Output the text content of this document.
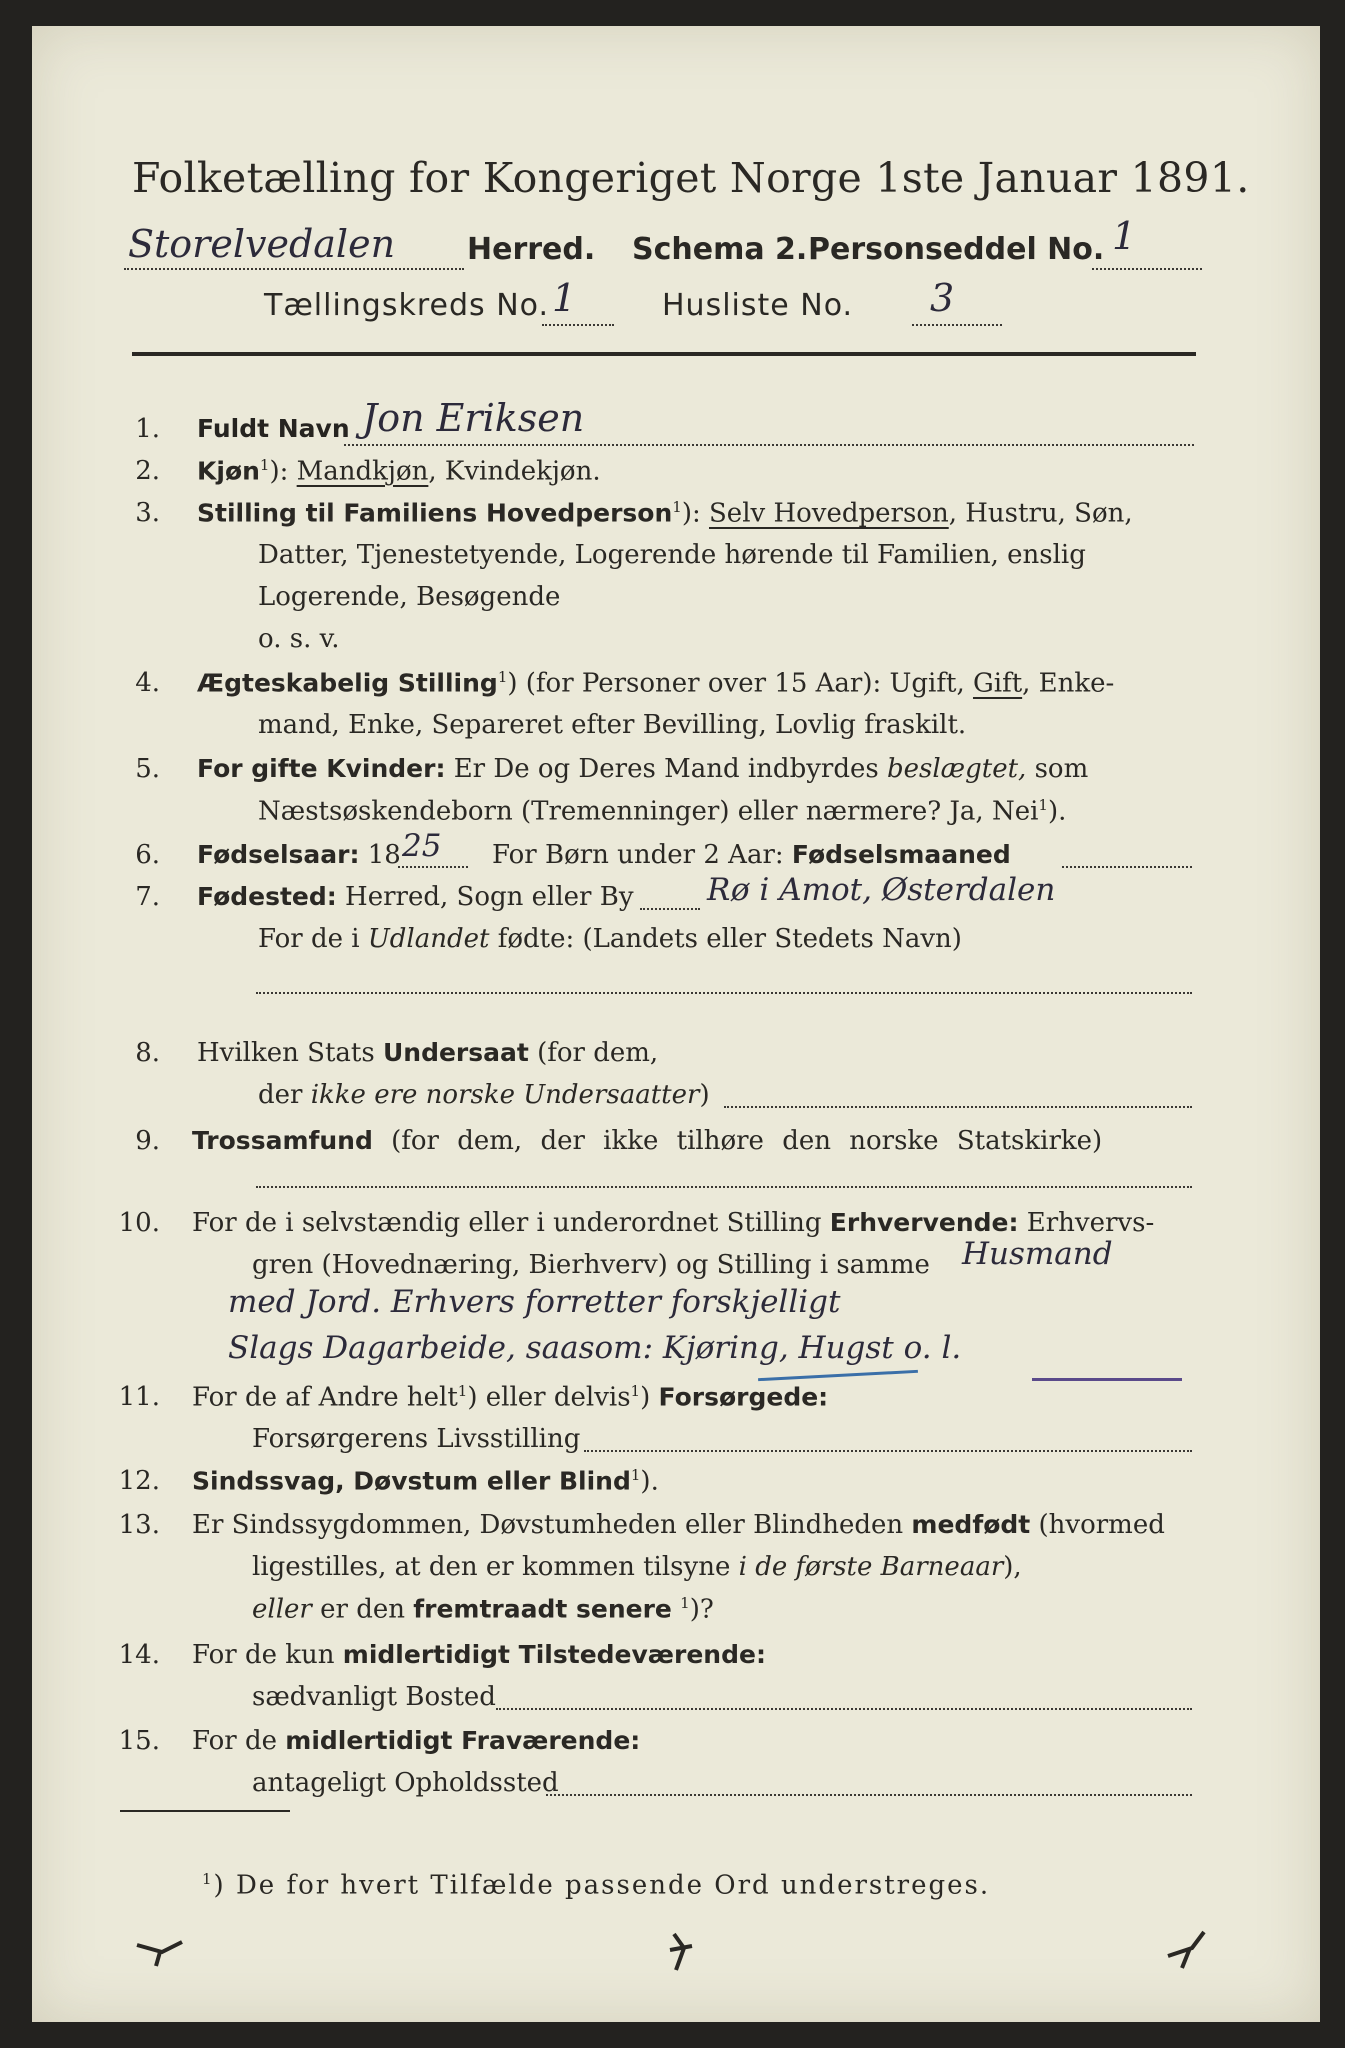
Folketælling for Kongeriget Norge 1ste Januar 1891.
Storelvedalen Herred. Schema 2. Personseddel No. 1
Tællingskreds No. 1	Husliste No. 3
1. Fuldt Navn Jon Eriksen
2. Kjøn$^1$): Mandkjøn, Kvindekjøn.
3. Stilling til Familiens Hovedperson$^1$): Selv Hovedperson, Hustru, Søn,
Datter, Tjenestetyende, Logerende hørende til Familien, enslig
Logerende, Besøgende
o. s. v.
4. Ægteskabelig Stilling$^1$) (for Personer over 15 Aar): Ugift, Gift, Enke-
mand, Enke, Separeret efter Bevilling, Lovlig fraskilt.
5. For gifte Kvinder: Er De og Deres Mand indbyrdes beslægtet, som
Næstsøskendeborn (Tremenninger) eller nærmere? Ja, Nei$^1$).
6. Fødselsaar: 18 25 For Børn under 2 Aar: Fødselsmaaned
7. Fødested: Herred, Sogn eller By Rø i Amot, Østerdalen
For de i Udlandet fødte: (Landets eller Stedets Navn)
8. Hvilken Stats Undersaat (for dem,
der ikke ere norske Undersaatter)
9. Trossamfund (for dem, der ikke tilhøre den norske Statskirke)
10. For de i selvstændig eller i underordnet Stilling Erhvervende: Erhvervs-
gren (Hovednæring, Bierhverv) og Stilling i samme Husmand
med Jord. Erhvers forretter forskjelligt
Slags Dagarbeide, saasom: Kjøring, Hugst o. l.
11. For de af Andre helt$^1$) eller delvis$^1$) Forsørgede:
Forsørgerens Livsstilling
12. Sindssvag, Døvstum eller Blind$^1$).
13. Er Sindssygdommen, Døvstumheden eller Blindheden medfødt (hvormed
ligestilles, at den er kommen tilsyne i de første Barneaar),
eller er den fremtraadt senere $^1$)?
14. For de kun midlertidigt Tilstedeværende:
sædvanligt Bosted
15. For de midlertidigt Fraværende:
antageligt Opholdssted
$^1$) De for hvert Tilfælde passende Ord understreges.
